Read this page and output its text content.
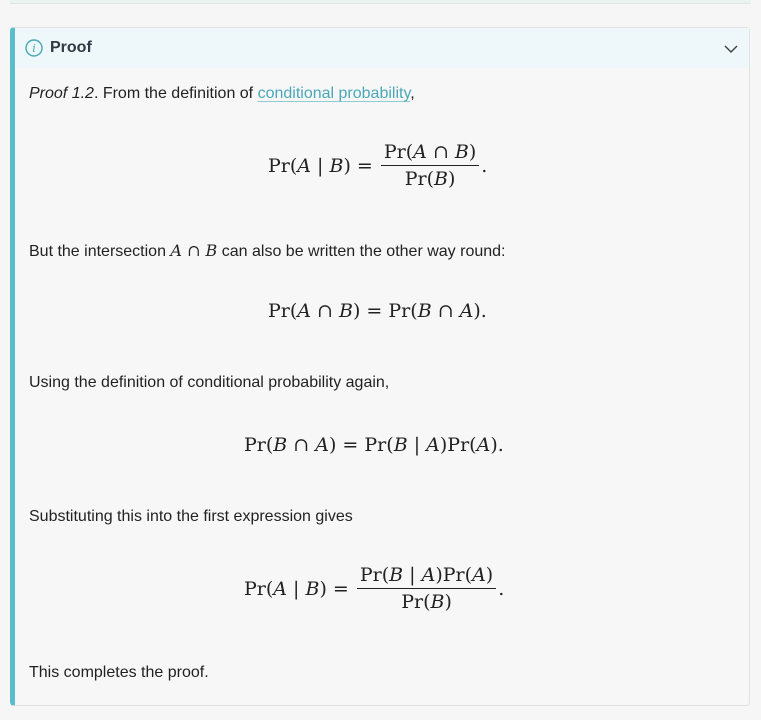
i Proof
Proof 1.2. From the definition of conditional probability,
Pr(A | $B) = \frac{Pr(A \cap B)}{Pr(B)}$ .
But the intersection A ∩ B can also be written the other way round:
Pr(A ∩ B) = Pr(B ∩ A).
Using the definition of conditional probability again,
Pr(B ∩ A) = Pr(B | A)Pr(A).
Substituting this into the first expression gives
Pr(A | $B) = \frac{Pr(B | A)Pr(A)}{Pr(B)}$ .
This completes the proof.
